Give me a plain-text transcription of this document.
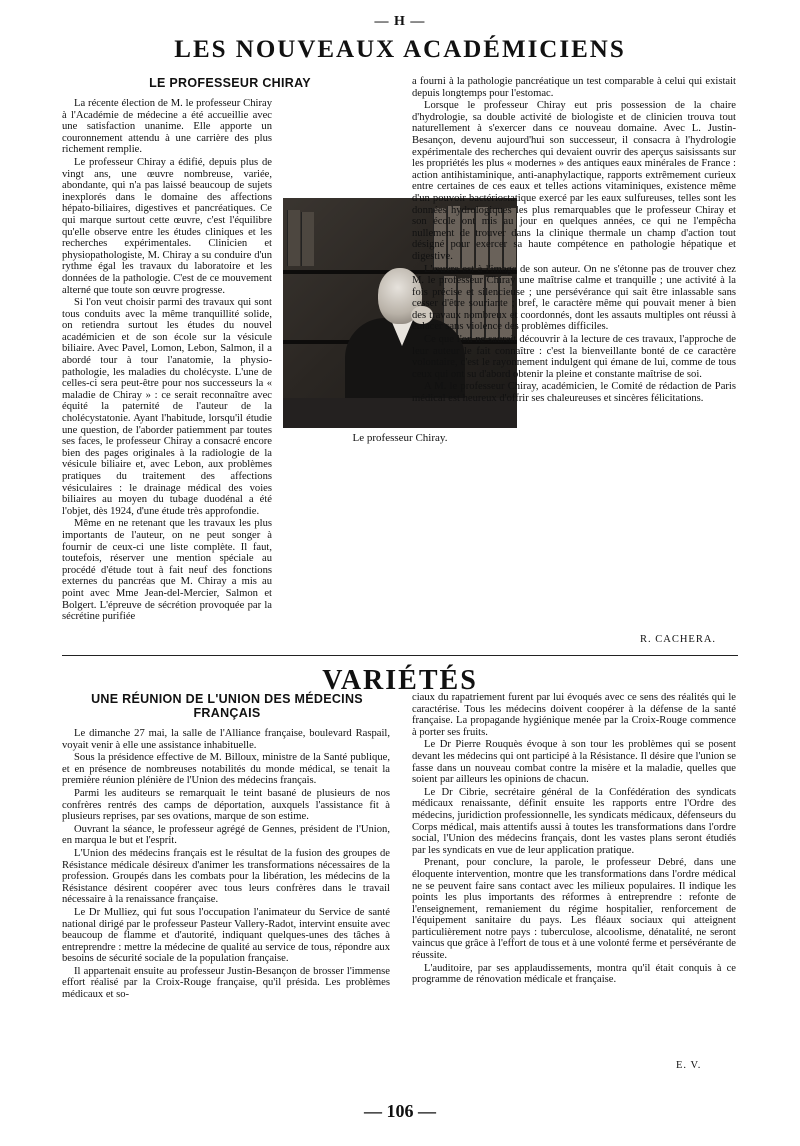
— H —
LES NOUVEAUX ACADÉMICIENS
LE PROFESSEUR CHIRAY

La récente élection de M. le professeur Chiray à l'Académie de médecine a été accueillie avec une satisfaction unanime. Elle apporte un couronnement attendu à une carrière des plus richement remplie.

Le professeur Chiray a édifié, depuis plus de vingt ans, une œuvre nombreuse, variée, abondante, qui n'a pas laissé beaucoup de sujets inexplorés dans le domaine des affections hépato-biliaires, digestives et pancréatiques. Ce qui marque surtout cette œuvre, c'est l'équilibre qu'elle observe entre les études cliniques et les recherches expérimentales. Clinicien et physiopathologiste, M. Chiray a su conduire d'un rythme égal les travaux du laboratoire et les données de la pathologie. C'est de ce mouvement alterné que toute son œuvre progresse.

Si l'on veut choisir parmi des travaux qui sont tous conduits avec la même tranquillité solide, on retiendra surtout les études du nouvel académicien et de son école sur la vésicule biliaire. Avec Pavel, Lomon, Lebon, Salmon, il a abordé tour à tour l'anatomie, la physio-pathologie, les maladies du cholécyste. L'une de celles-ci sera peut-être pour nos successeurs la « maladie de Chiray » : ce serait reconnaître avec équité la paternité de l'auteur de la cholécystatonie. Ayant l'habitude, lorsqu'il étudie une question, de l'aborder patiemment par toutes ses faces, le professeur Chiray a consacré encore bien des pages originales à la radiologie de la vésicule biliaire et, avec Lebon, aux problèmes pratiques du traitement des affections vésiculaires : le drainage médical des voies biliaires au moyen du tubage duodénal a été l'objet, dès 1924, d'une étude très approfondie.

Même en ne retenant que les travaux les plus importants de l'auteur, on ne peut songer à fournir de ceux-ci une liste complète. Il faut, toutefois, réserver une mention spéciale au procédé d'étude tout à fait neuf des fonctions externes du pancréas que M. Chiray a mis au point avec Mme Jean-del-Mercier, Salmon et Bolgert. L'épreuve de sécrétion provoquée par la sécrétine purifiée

Le professeur Chiray.

a fourni à la pathologie pancréatique un test comparable à celui qui existait depuis longtemps pour l'estomac.

Lorsque le professeur Chiray eut pris possession de la chaire d'hydrologie, sa double activité de biologiste et de clinicien trouva tout naturellement à s'exercer dans ce nouveau domaine. Avec L. Justin-Besançon, devenu aujourd'hui son successeur, il consacra à l'hydrologie expérimentale des recherches qui devaient ouvrir des aperçus saisissants sur les propriétés les plus « modernes » des antiques eaux minérales de France : action antihistaminique, anti-anaphylactique, rapports extrêmement curieux entre certaines de ces eaux et telles actions vitaminiques, existence même d'un pouvoir bactériostatique exercé par les eaux sulfureuses, telles sont les données hydrologiques les plus remarquables que le professeur Chiray et son école ont mis au jour en quelques années, ce qui ne l'empêcha nullement de trouver dans la clinique thermale un champ d'action tout désigné pour exercer sa haute compétence en pathologie hépatique et digestive.

L'œuvre est à l'image de son auteur. On ne s'étonne pas de trouver chez M. le professeur Chiray une maîtrise calme et tranquille ; une activité à la fois précise et silencieuse ; une persévérance qui sait être inlassable sans cesser d'être souriante ; bref, le caractère même qui pouvait mener à bien des travaux nombreux et coordonnés, dont les assauts multiples ont réussi à enlacer sans violence des problèmes difficiles.

Ce que l'on ne saurait découvrir à la lecture de ces travaux, l'approche de leur auteur le fait connaître : c'est la bienveillante bonté de ce caractère volontaire, c'est le rayonnement indulgent qui émane de lui, comme de tous ceux qui ont su d'abord obtenir la pleine et constante maîtrise de soi.

A M. le professeur Chiray, académicien, le Comité de rédaction de Paris médical est heureux d'offrir ses chaleureuses et sincères félicitations.

R. CACHERA.
VARIÉTÉS
UNE RÉUNION DE L'UNION DES MÉDECINS FRANÇAIS

Le dimanche 27 mai, la salle de l'Alliance française, boulevard Raspail, voyait venir à elle une assistance inhabituelle.

Sous la présidence effective de M. Billoux, ministre de la Santé publique, et en présence de nombreuses notabilités du monde médical, se tenait la première réunion plénière de l'Union des médecins français.

Parmi les auditeurs se remarquait le teint basané de plusieurs de nos confrères rentrés des camps de déportation, auxquels l'assistance fit à plusieurs reprises, par ses ovations, marque de son estime.

Ouvrant la séance, le professeur agrégé de Gennes, président de l'Union, en marqua le but et l'esprit.

L'Union des médecins français est le résultat de la fusion des groupes de Résistance médicale désireux d'animer les transformations nécessaires de la profession. Groupés dans les combats pour la libération, les médecins de la Résistance désirent coopérer avec tous leurs confrères dans le travail nécessaire à la renaissance française.

Le Dr Mulliez, qui fut sous l'occupation l'animateur du Service de santé national dirigé par le professeur Pasteur Vallery-Radot, intervint ensuite avec beaucoup de flamme et d'autorité, indiquant quelques-unes des tâches à entreprendre : mettre la médecine de qualité au service de tous, répondre aux besoins de sécurité sociale de la population française.

Il appartenait ensuite au professeur Justin-Besançon de brosser l'immense effort réalisé par la Croix-Rouge française, qu'il présida. Les problèmes médicaux et so-

ciaux du rapatriement furent par lui évoqués avec ce sens des réalités qui le caractérise. Tous les médecins doivent coopérer à la défense de la santé française. La propagande hygiénique menée par la Croix-Rouge commence à porter ses fruits.

Le Dr Pierre Rouquès évoque à son tour les problèmes qui se posent devant les médecins qui ont participé à la Résistance. Il désire que l'union se fasse dans un nouveau combat contre la misère et la maladie, quelles que soient par ailleurs les opinions de chacun.

Le Dr Cibrie, secrétaire général de la Confédération des syndicats médicaux renaissante, définit ensuite les rapports entre l'Ordre des médecins, juridiction professionnelle, les syndicats médicaux, défenseurs du Corps médical, mais attentifs aussi à toutes les transformations dans l'ordre social, l'Union des médecins français, dont les vastes plans seront étudiés par les syndicats en vue de leur application pratique.

Prenant, pour conclure, la parole, le professeur Debré, dans une éloquente intervention, montre que les transformations dans l'ordre médical ne se peuvent faire sans contact avec les milieux populaires. Il indique les points les plus importants des réformes à entreprendre : refonte de l'enseignement, remaniement du régime hospitalier, renforcement de l'équipement sanitaire du pays. Les fléaux sociaux qui atteignent particulièrement notre pays : tuberculose, alcoolisme, dénatalité, ne seront vaincus que grâce à l'effort de tous et à une volonté ferme et persévérante de réussite.

L'auditoire, par ses applaudissements, montra qu'il était conquis à ce programme de rénovation médicale et française.

E. V.
— 106 —
